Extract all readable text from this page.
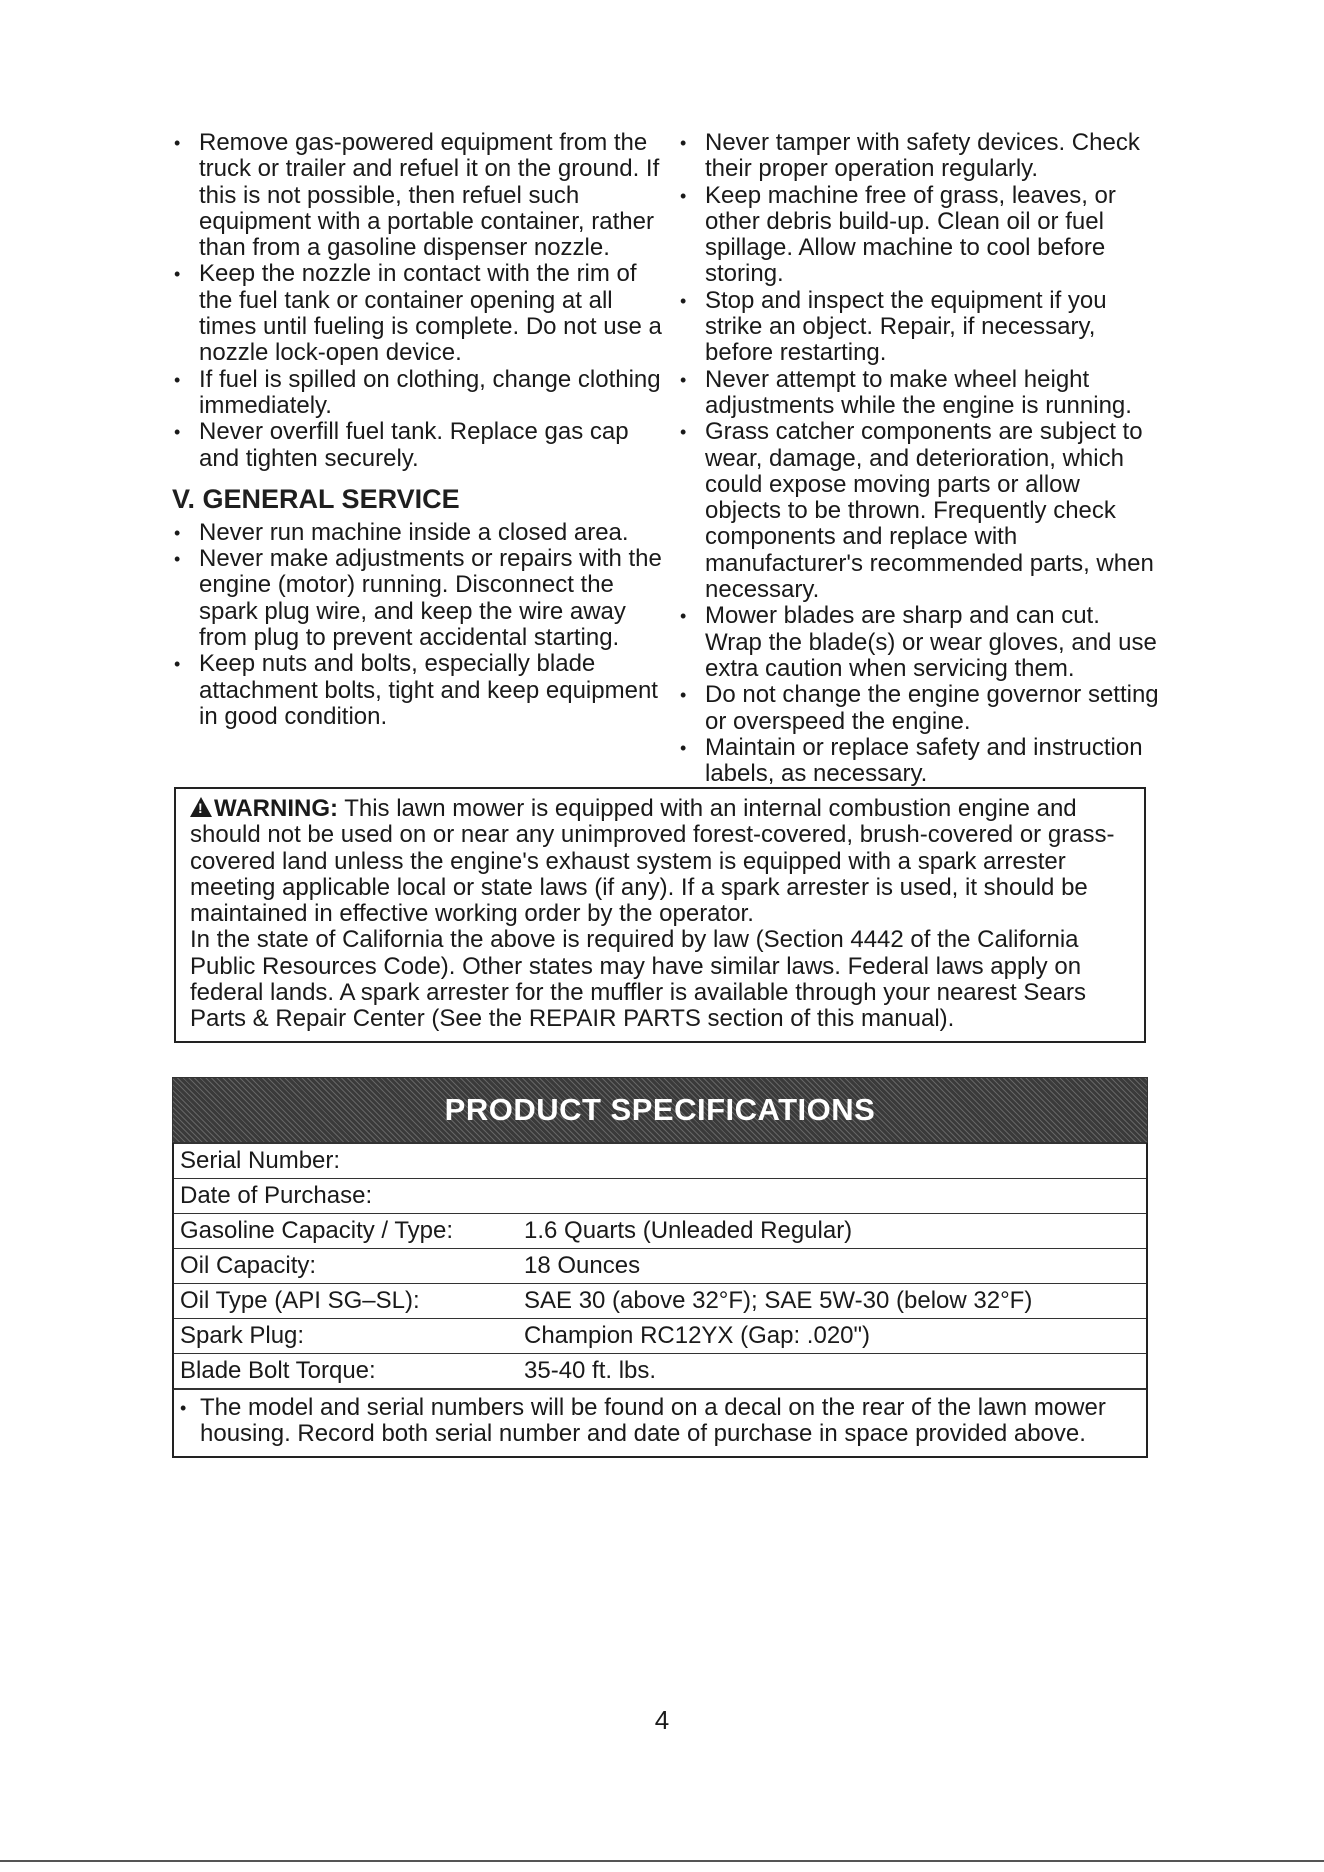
• Remove gas-powered equipment from the truck or trailer and refuel it on the ground. If this is not possible, then refuel such equipment with a portable container, rather than from a gasoline dispenser nozzle.
• Keep the nozzle in contact with the rim of the fuel tank or container opening at all times until fueling is complete. Do not use a nozzle lock-open device.
• If fuel is spilled on clothing, change clothing immediately.
• Never overfill fuel tank. Replace gas cap and tighten securely.
V. GENERAL SERVICE
• Never run machine inside a closed area.
• Never make adjustments or repairs with the engine (motor) running. Disconnect the spark plug wire, and keep the wire away from plug to prevent accidental starting.
• Keep nuts and bolts, especially blade attachment bolts, tight and keep equipment in good condition.
• Never tamper with safety devices. Check their proper operation regularly.
• Keep machine free of grass, leaves, or other debris build-up. Clean oil or fuel spillage. Allow machine to cool before storing.
• Stop and inspect the equipment if you strike an object. Repair, if necessary, before restarting.
• Never attempt to make wheel height adjustments while the engine is running.
• Grass catcher components are subject to wear, damage, and deterioration, which could expose moving parts or allow objects to be thrown. Frequently check components and replace with manufacturer's recommended parts, when necessary.
• Mower blades are sharp and can cut. Wrap the blade(s) or wear gloves, and use extra caution when servicing them.
• Do not change the engine governor setting or overspeed the engine.
• Maintain or replace safety and instruction labels, as necessary.

!WARNING: This lawn mower is equipped with an internal combustion engine and should not be used on or near any unimproved forest-covered, brush-covered or grass-covered land unless the engine's exhaust system is equipped with a spark arrester meeting applicable local or state laws (if any). If a spark arrester is used, it should be maintained in effective working order by the operator.

In the state of California the above is required by law (Section 4442 of the California Public Resources Code). Other states may have similar laws. Federal laws apply on federal lands. A spark arrester for the muffler is available through your nearest Sears Parts & Repair Center (See the REPAIR PARTS section of this manual).

PRODUCT SPECIFICATIONS
Serial Number:	
Date of Purchase:	
Gasoline Capacity / Type:	1.6 Quarts (Unleaded Regular)
Oil Capacity:	18 Ounces
Oil Type (API SG–SL):	SAE 30 (above 32°F); SAE 5W-30 (below 32°F)
Spark Plug:	Champion RC12YX (Gap: .020")
Blade Bolt Torque:	35-40 ft. lbs.
• The model and serial numbers will be found on a decal on the rear of the lawn mower housing. Record both serial number and date of purchase in space provided above.
4
